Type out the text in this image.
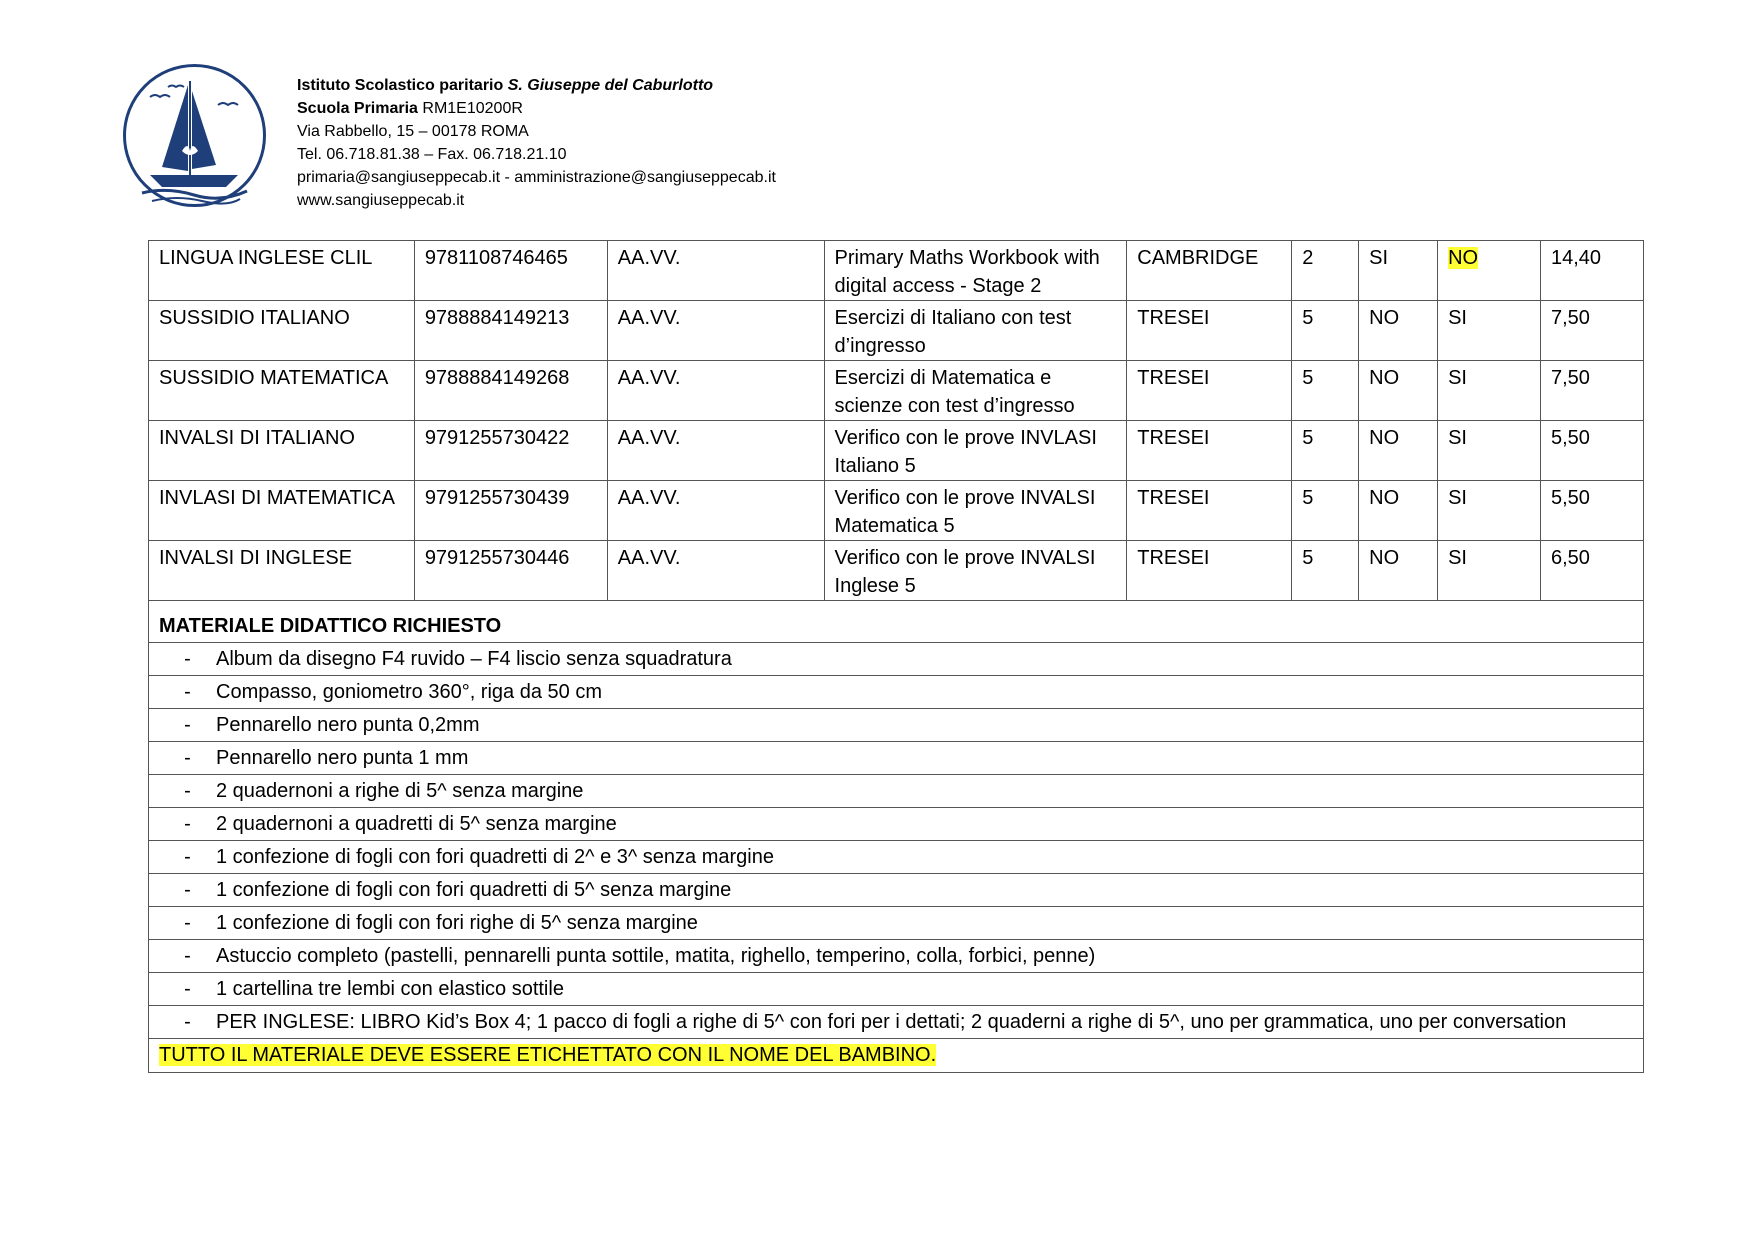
Istituto Scolastico paritario S. Giuseppe del Caburlotto
Scuola Primaria RM1E10200R
Via Rabbello, 15 – 00178 ROMA
Tel. 06.718.81.38 – Fax. 06.718.21.10
primaria@sangiuseppecab.it - amministrazione@sangiuseppecab.it
www.sangiuseppecab.it
LINGUA INGLESE CLIL	9781108746465	AA.VV.	Primary Maths Workbook with digital access - Stage 2	CAMBRIDGE	2	SI	NO	14,40
SUSSIDIO ITALIANO	9788884149213	AA.VV.	Esercizi di Italiano con test d’ingresso	TRESEI	5	NO	SI	7,50
SUSSIDIO MATEMATICA	9788884149268	AA.VV.	Esercizi di Matematica e scienze con test d’ingresso	TRESEI	5	NO	SI	7,50
INVALSI DI ITALIANO	9791255730422	AA.VV.	Verifico con le prove INVLASI Italiano 5	TRESEI	5	NO	SI	5,50
INVLASI DI MATEMATICA	9791255730439	AA.VV.	Verifico con le prove INVALSI Matematica 5	TRESEI	5	NO	SI	5,50
INVALSI DI INGLESE	9791255730446	AA.VV.	Verifico con le prove INVALSI Inglese 5	TRESEI	5	NO	SI	6,50
MATERIALE DIDATTICO RICHIESTO
- Album da disegno F4 ruvido – F4 liscio senza squadratura
- Compasso, goniometro 360°, riga da 50 cm
- Pennarello nero punta 0,2mm
- Pennarello nero punta 1 mm
- 2 quadernoni a righe di 5^ senza margine
- 2 quadernoni a quadretti di 5^ senza margine
- 1 confezione di fogli con fori quadretti di 2^ e 3^ senza margine
- 1 confezione di fogli con fori quadretti di 5^ senza margine
- 1 confezione di fogli con fori righe di 5^ senza margine
- Astuccio completo (pastelli, pennarelli punta sottile, matita, righello, temperino, colla, forbici, penne)
- 1 cartellina tre lembi con elastico sottile
- PER INGLESE: LIBRO Kid’s Box 4; 1 pacco di fogli a righe di 5^ con fori per i dettati; 2 quaderni a righe di 5^, uno per grammatica, uno per conversation
TUTTO IL MATERIALE DEVE ESSERE ETICHETTATO CON IL NOME DEL BAMBINO.
